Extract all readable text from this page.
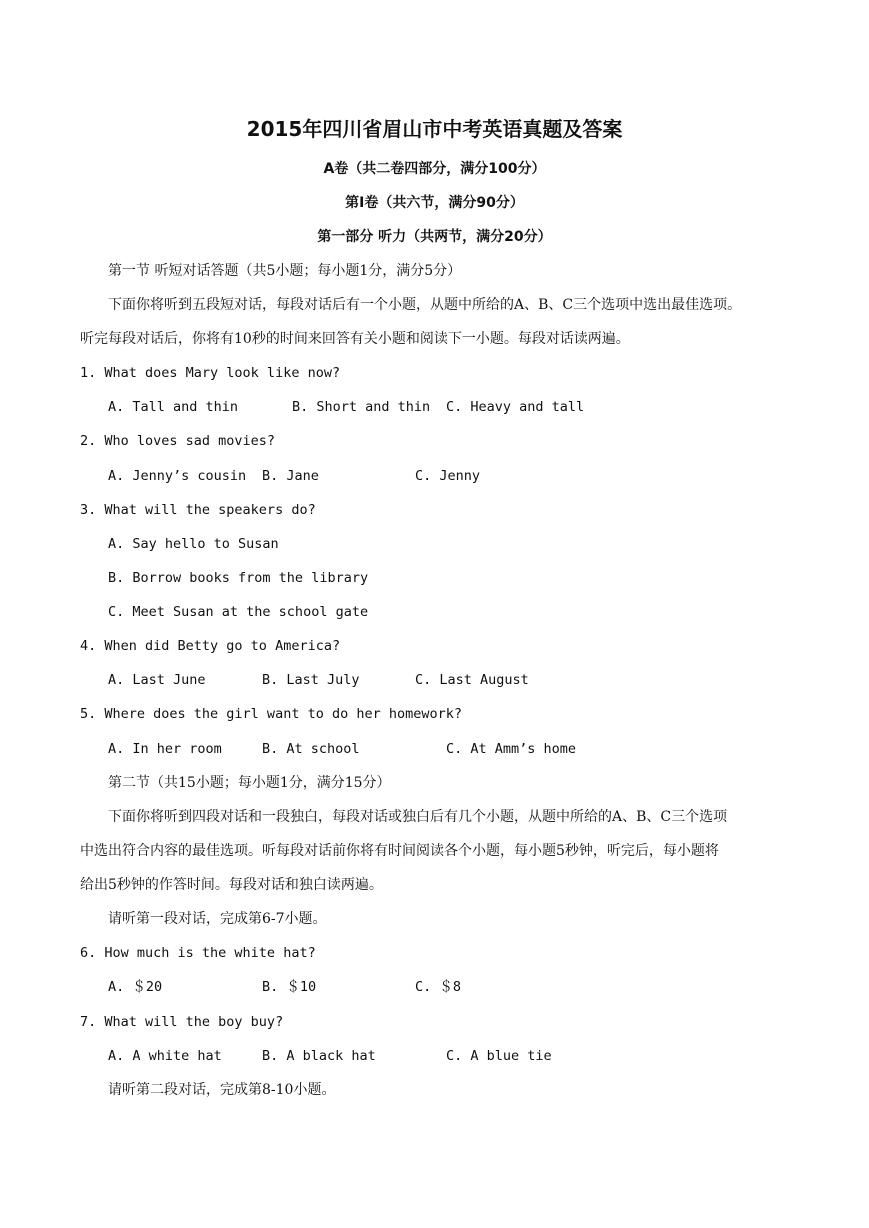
2015年四川省眉山市中考英语真题及答案
A卷（共二卷四部分，满分100分）
第Ⅰ卷（共六节，满分90分）
第一部分 听力（共两节，满分20分）
第一节 听短对话答题（共5小题；每小题1分，满分5分）
下面你将听到五段短对话，每段对话后有一个小题，从题中所给的A、B、C三个选项中选出最佳选项。
听完每段对话后，你将有10秒的时间来回答有关小题和阅读下一小题。每段对话读两遍。
1. What does Mary look like now?
A. Tall and thin	B. Short and thin C. Heavy and tall
2. Who loves sad movies?
A. Jenny’s cousin B. Jane	C. Jenny
3. What will the speakers do?
A. Say hello to Susan
B. Borrow books from the library
C. Meet Susan at the school gate
4. When did Betty go to America?
A. Last June	B. Last July	C. Last August
5. Where does the girl want to do her homework?
A. In her room	B. At school	C. At Amm’s home
第二节（共15小题；每小题1分，满分15分）
下面你将听到四段对话和一段独白，每段对话或独白后有几个小题，从题中所给的A、B、C三个选项
中选出符合内容的最佳选项。听每段对话前你将有时间阅读各个小题，每小题5秒钟，听完后，每小题将
给出5秒钟的作答时间。每段对话和独白读两遍。
请听第一段对话，完成第6-7小题。
6. How much is the white hat?
A. ＄20	B. ＄10	C. ＄8
7. What will the boy buy?
A. A white hat	B. A black hat	C. A blue tie
请听第二段对话，完成第8-10小题。
